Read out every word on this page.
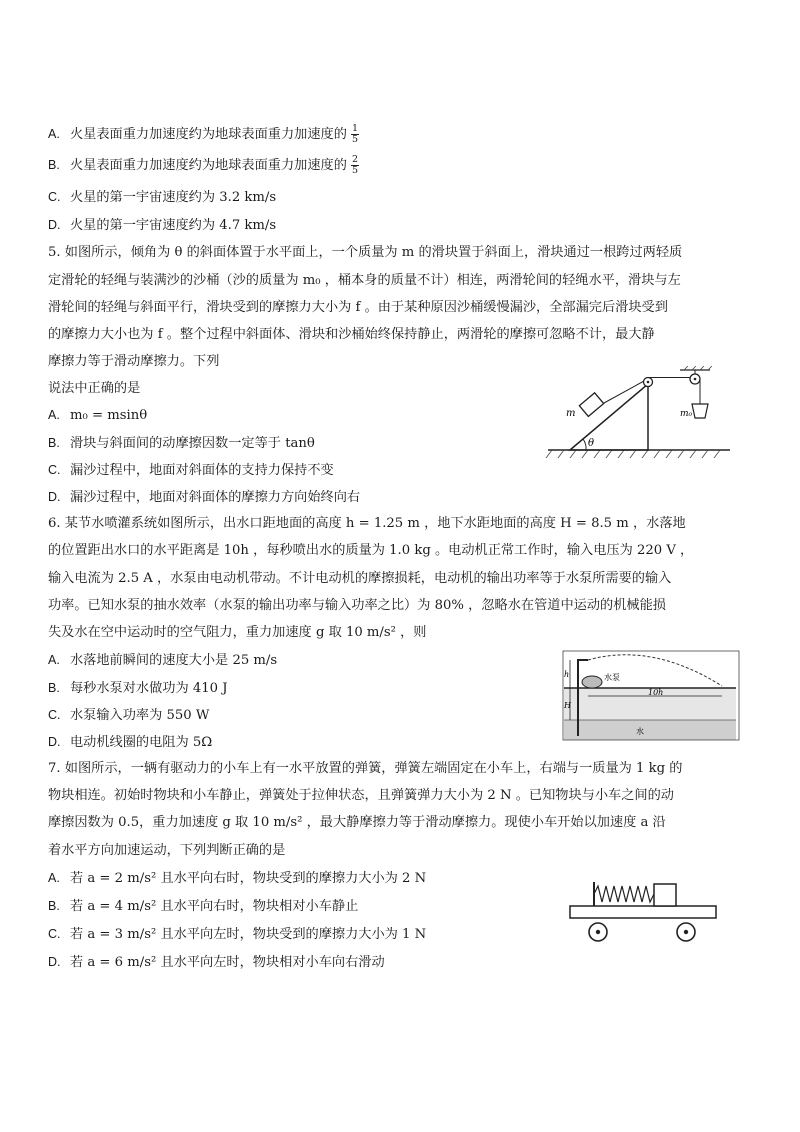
A. 火星表面重力加速度约为地球表面重力加速度的 $\frac{1}{5}$
B. 火星表面重力加速度约为地球表面重力加速度的 $\frac{2}{5}$
C. 火星的第一宇宙速度约为 3.2 km/s
D. 火星的第一宇宙速度约为 4.7 km/s
5. 如图所示，倾角为 θ 的斜面体置于水平面上，一个质量为 m 的滑块置于斜面上，滑块通过一根跨过两轻质
定滑轮的轻绳与装满沙的沙桶（沙的质量为 m₀ ，桶本身的质量不计）相连，两滑轮间的轻绳水平，滑块与左
滑轮间的轻绳与斜面平行，滑块受到的摩擦力大小为 f 。由于某种原因沙桶缓慢漏沙，全部漏完后滑块受到
的摩擦力大小也为 f 。整个过程中斜面体、滑块和沙桶始终保持静止，两滑轮的摩擦可忽略不计，最大静
摩擦力等于滑动摩擦力。下列
说法中正确的是
A. m₀ = msinθ
B. 滑块与斜面间的动摩擦因数一定等于 tanθ
C. 漏沙过程中，地面对斜面体的支持力保持不变
D. 漏沙过程中，地面对斜面体的摩擦力方向始终向右
θ
m	m₀
6. 某节水喷灌系统如图所示，出水口距地面的高度 h = 1.25 m ，地下水距地面的高度 H = 8.5 m ，水落地
的位置距出水口的水平距离是 10h ，每秒喷出水的质量为 1.0 kg 。电动机正常工作时，输入电压为 220 V ，
输入电流为 2.5 A ，水泵由电动机带动。不计电动机的摩擦损耗，电动机的输出功率等于水泵所需要的输入
功率。已知水泵的抽水效率（水泵的输出功率与输入功率之比）为 80% ，忽略水在管道中运动的机械能损
失及水在空中运动时的空气阻力，重力加速度 g 取 10 m/s² ，则
A. 水落地前瞬间的速度大小是 25 m/s
B. 每秒水泵对水做功为 410 J
C. 水泵输入功率为 550 W
D. 电动机线圈的电阻为 5Ω
水泵
h
H
10h
水
7. 如图所示，一辆有驱动力的小车上有一水平放置的弹簧，弹簧左端固定在小车上，右端与一质量为 1 kg 的
物块相连。初始时物块和小车静止，弹簧处于拉伸状态，且弹簧弹力大小为 2 N 。已知物块与小车之间的动
摩擦因数为 0.5，重力加速度 g 取 10 m/s² ，最大静摩擦力等于滑动摩擦力。现使小车开始以加速度 a 沿
着水平方向加速运动，下列判断正确的是
A. 若 a = 2 m/s² 且水平向右时，物块受到的摩擦力大小为 2 N
B. 若 a = 4 m/s² 且水平向右时，物块相对小车静止
C. 若 a = 3 m/s² 且水平向左时，物块受到的摩擦力大小为 1 N
D. 若 a = 6 m/s² 且水平向左时，物块相对小车向右滑动
